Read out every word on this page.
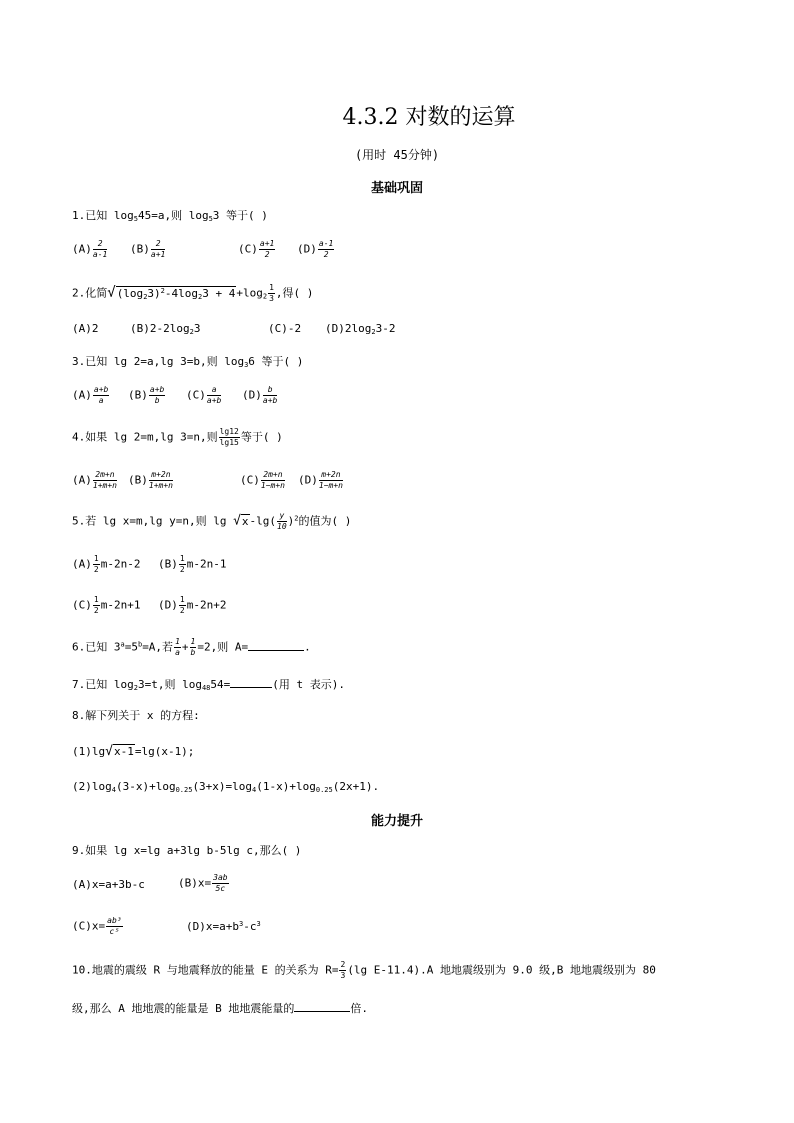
4.3.2 对数的运算
(用时 45分钟)
基础巩固
1.已知 $\log_545=a$,则 $\log_53$ 等于( )
$(A) \frac{2}{a-1} (B) \frac{2}{a+1}$	$(C) \frac{a+1}{2} (D) \frac{a-1}{2}$
2.化简$√(\log_23)^2-4\log_23 + 4+\log_2 \frac{1}{3}$ ,得( )
(A)2	$(B)2-2\log_23$	(C)-2 $(D)2\log_23-2$
3.已知 lg 2=a,lg 3=b,则 $\log_36$ 等于( )
$(A) \frac{a+b}{a} (B) \frac{a+b}{b} (C) \frac{a}{a+b} (D) \frac{b}{a+b}$
4.如果 lg 2=m,lg 3=n,则 $\frac{\lg 12}{\lg 15}$ 等于( )
$(A) \frac{2m+n}{1+m+n} (B) \frac{m+2n}{1+m+n}$	$(C) \frac{2m+n}{1-m+n} (D) \frac{m+2n}{1-m+n}$
5.若 lg x=m,lg y=n,则 $\lg √x-\lg( \frac{y}{10} )^2$的值为( )
$(A) \frac{1}{2} m-2n-2$ $(B) \frac{1}{2} m-2n-1$
$(C) \frac{1}{2} m-2n+1$ $(D) \frac{1}{2} m-2n+2$
6.已知 $3^a=5^b=A$,若 $\frac{1}{a} + \frac{1}{b} =2$,则 A=	.
7.已知 $\log_23=t$,则 $\log_{48}54=$	(用 t 表示).
8.解下列关于 x 的方程:
(1)lg√x-1=lg(x-1);
$(2)\log_4(3-x)+\log_{0.25}(3+x)=\log_4(1-x)+\log_{0.25}(2x+1)$.
能力提升
9.如果 lg x=lg a+3lg b-5lg c,那么( )
(A)x=a+3b-c	$(B)x= \frac{3ab}{5c}$
$(C)x= \frac{\text{ab³}}{\text{c⁵}}$	$(D)x=a+b^3-c^3$
10.地震的震级 R 与地震释放的能量 E 的关系为 $R= \frac{2}{3} (\lg$ E-11.4).A 地地震级别为 9.0 级,B 地地震级别为 80
级,那么 A 地地震的能量是 B 地地震能量的	倍.
